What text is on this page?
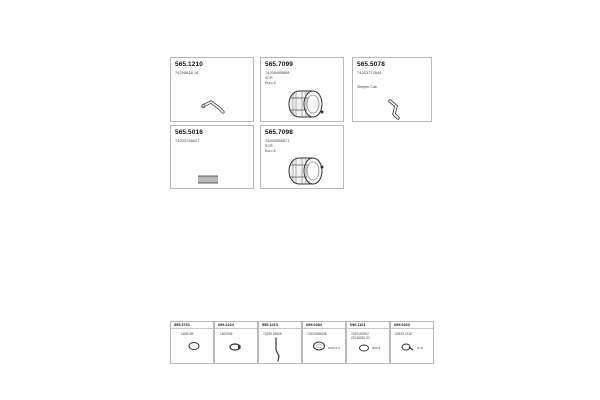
565.1210
74295818 18
565.7099
74200985898
SCR
Euro 6
565.5078
74203772544
Sleeper Cab
565.5016
74203758027
565.7098
74200985871
SCR
Euro 6
595.3761
1828199
699.2224
1824945
595.1013
74295 18608
699.0384
74203455498
M10×1.5
696.1161
7420152552
20746020 92
Ø10.3
699.0323
20929 2136
M 11
